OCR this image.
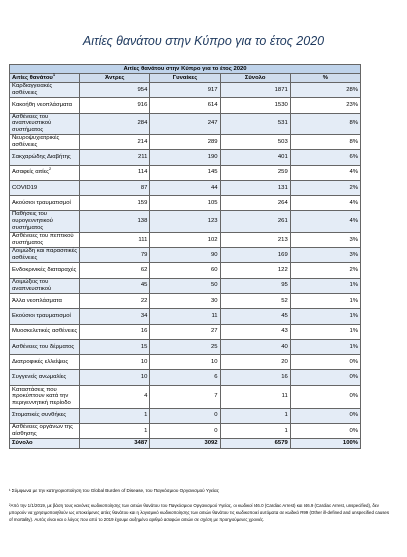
Αιτίες θανάτου στην Κύπρο για το έτος 2020
Αιτίες θανάτου στην Κύπρο για το έτος 2020				
Αιτίες θανάτου$^1$	Άντρες	Γυναίκες	Σύνολο	%
Καρδιαγγειακές ασθένειες	954	917	1871	28%
Κακοήθη νεοπλάσματα	916	614	1530	23%
Ασθένειες του αναπνευστικού συστήματος	284	247	531	8%
Νευροψυχιατρικές ασθένειες	214	289	503	8%
Σακχαρώδης Διαβήτης	211	190	401	6%
Ασαφείς αιτίες$^2$	114	145	259	4%
COVID19	87	44	131	2%
Ακούσιοι τραυματισμοί	159	105	264	4%
Παθήσεις του ουρογεννητικού συστήματος	138	123	261	4%
Ασθένειες του πεπτικού συστήματος	111	102	213	3%
Λοιμώδη και παρασιτικές ασθένειες	79	90	169	3%
Ενδοκρινικές διαταραχές	62	60	122	2%
Λοιμώξεις του αναπνευστικού	45	50	95	1%
Άλλα νεοπλάσματα	22	30	52	1%
Εκούσιοι τραυματισμοί	34	11	45	1%
Μυοσκελετικές ασθένειες	16	27	43	1%
Ασθένειες του δέρματος	15	25	40	1%
Διατροφικές ελλείψεις	10	10	20	0%
Συγγενείς ανωμαλίες	10	6	16	0%
Καταστάσεις που προκύπτουν κατά την περιγεννητική περίοδο	4	7	11	0%
Στοματικές συνθήκες	1	0	1	0%
Ασθένειες οργάνων της αίσθησης	1	0	1	0%
Σύνολο	3487	3092	6579	100%
¹ Σύμφωνα με την κατηγοριοποίηση του Global Burden of Disease, του Παγκόσμιου Οργανισμού Υγείας
²Από την 1/1/2019, με βάση τους κανόνες κωδικοποίησης των αιτιών θανάτου του Παγκόσμιου Οργανισμού Υγείας, οι κωδικοί I46.0 (Cardiac Arrest) και I46.9 (Cardiac Arrest, unspecified), δεν μπορούν να χρησιμοποιηθούν ως υποκείμενες αιτίες θανάτου και η λογισμικό κωδικοποίησης των αιτιών θανάτου τις κωδικοποιεί αυτόματα σε κωδικό R99 (Other ill-defined and unspecified causes of mortality). Αυτός είναι και ο λόγος που από το 2019 έχουμε αυξημένο αριθμό ασαφών αιτιών σε σχέση με προηγούμενες χρονιές.
